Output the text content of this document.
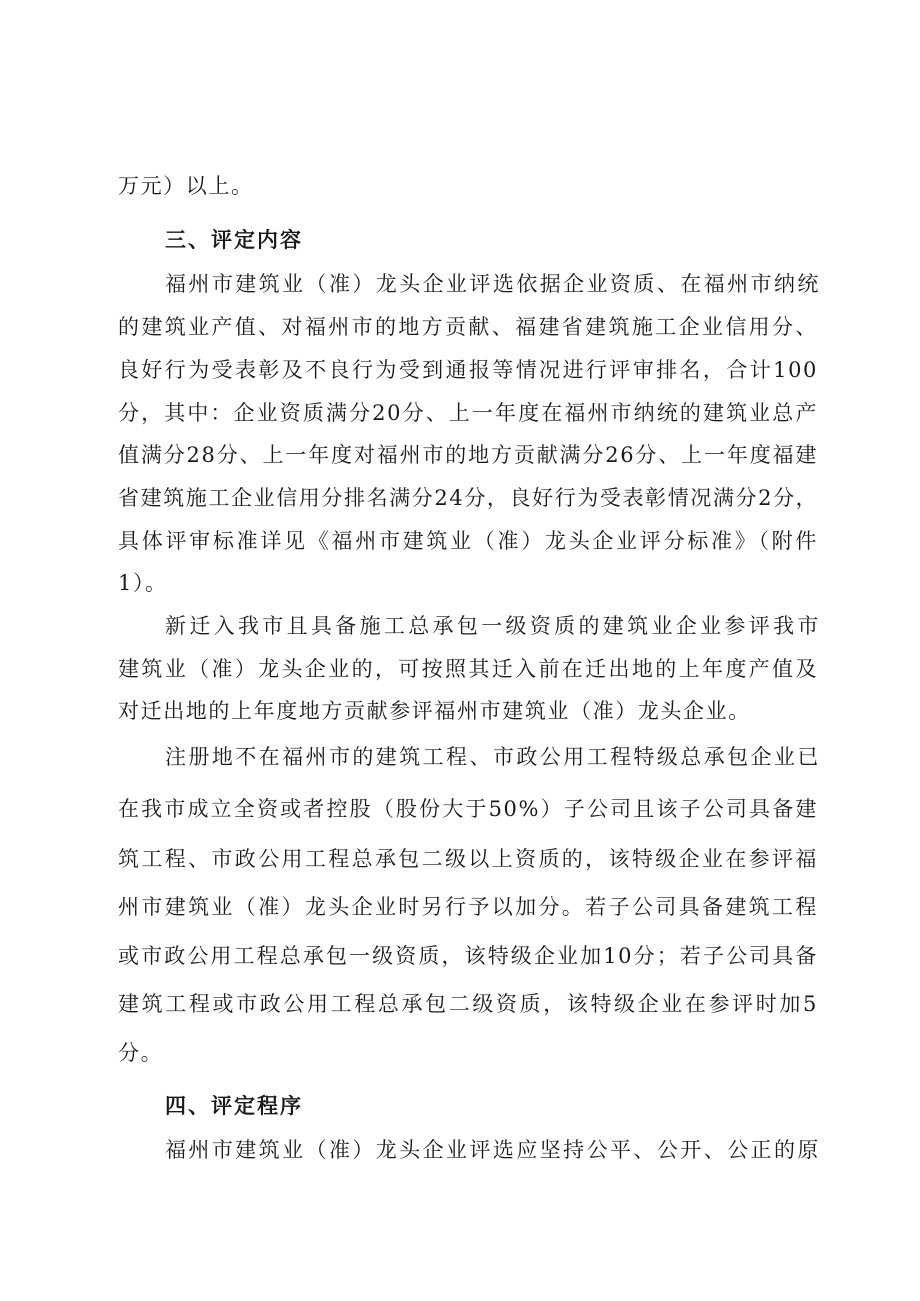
万元）以上。
三、评定内容
福州市建筑业（准）龙头企业评选依据企业资质、在福州市纳统
的建筑业产值、对福州市的地方贡献、福建省建筑施工企业信用分、
良好行为受表彰及不良行为受到通报等情况进行评审排名，合计100
分，其中：企业资质满分20分、上一年度在福州市纳统的建筑业总产
值满分28分、上一年度对福州市的地方贡献满分26分、上一年度福建
省建筑施工企业信用分排名满分24分，良好行为受表彰情况满分2分，
具体评审标准详见《福州市建筑业（准）龙头企业评分标准》（附件
1）。
新迁入我市且具备施工总承包一级资质的建筑业企业参评我市
建筑业（准）龙头企业的，可按照其迁入前在迁出地的上年度产值及
对迁出地的上年度地方贡献参评福州市建筑业（准）龙头企业。
注册地不在福州市的建筑工程、市政公用工程特级总承包企业已
在我市成立全资或者控股（股份大于50%）子公司且该子公司具备建
筑工程、市政公用工程总承包二级以上资质的，该特级企业在参评福
州市建筑业（准）龙头企业时另行予以加分。若子公司具备建筑工程
或市政公用工程总承包一级资质，该特级企业加10分；若子公司具备
建筑工程或市政公用工程总承包二级资质，该特级企业在参评时加5
分。
四、评定程序
福州市建筑业（准）龙头企业评选应坚持公平、公开、公正的原
